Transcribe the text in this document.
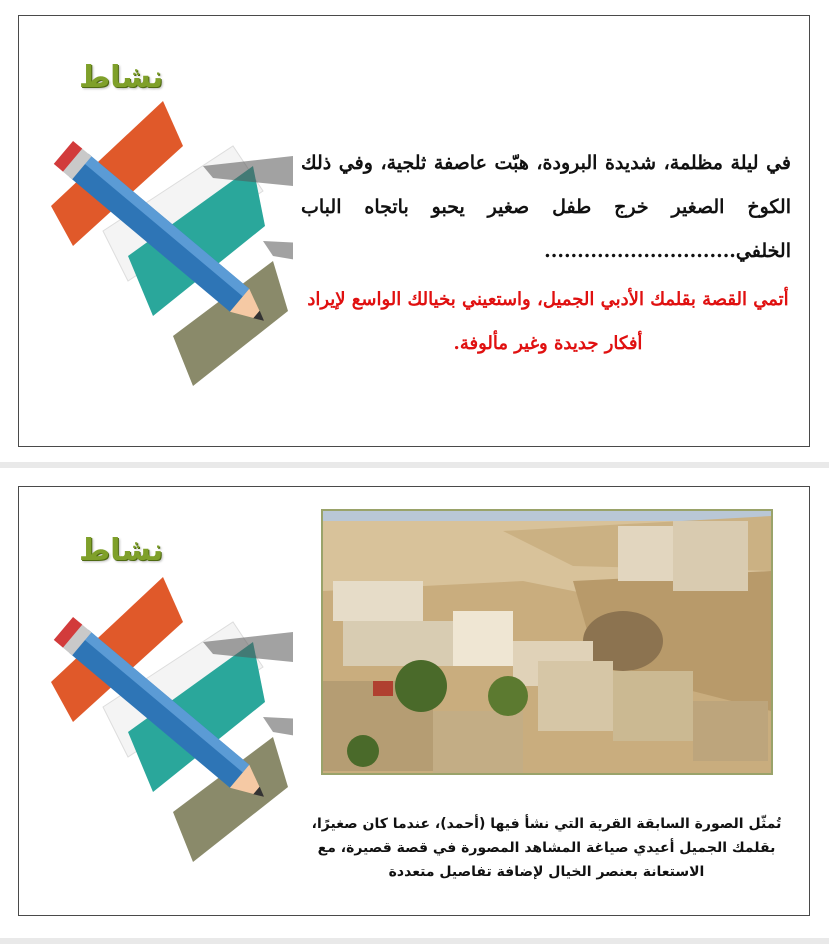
نشاط

في ليلة مظلمة، شديدة البرودة، هبّت عاصفة ثلجية، وفي ذلك الكوخ الصغير خرج طفل صغير يحبو باتجاه الباب الخلفي.............................

أتمي القصة بقلمك الأدبي الجميل، واستعيني بخيالك الواسع لإيراد أفكار جديدة وغير مألوفة.

نشاط

تُمثّل الصورة السابقة القرية التي نشأ فيها (أحمد)، عندما كان صغيرًا، بقلمك الجميل أعيدي صياغة المشاهد المصورة في قصة قصيرة، مع الاستعانة بعنصر الخيال لإضافة تفاصيل متعددة
